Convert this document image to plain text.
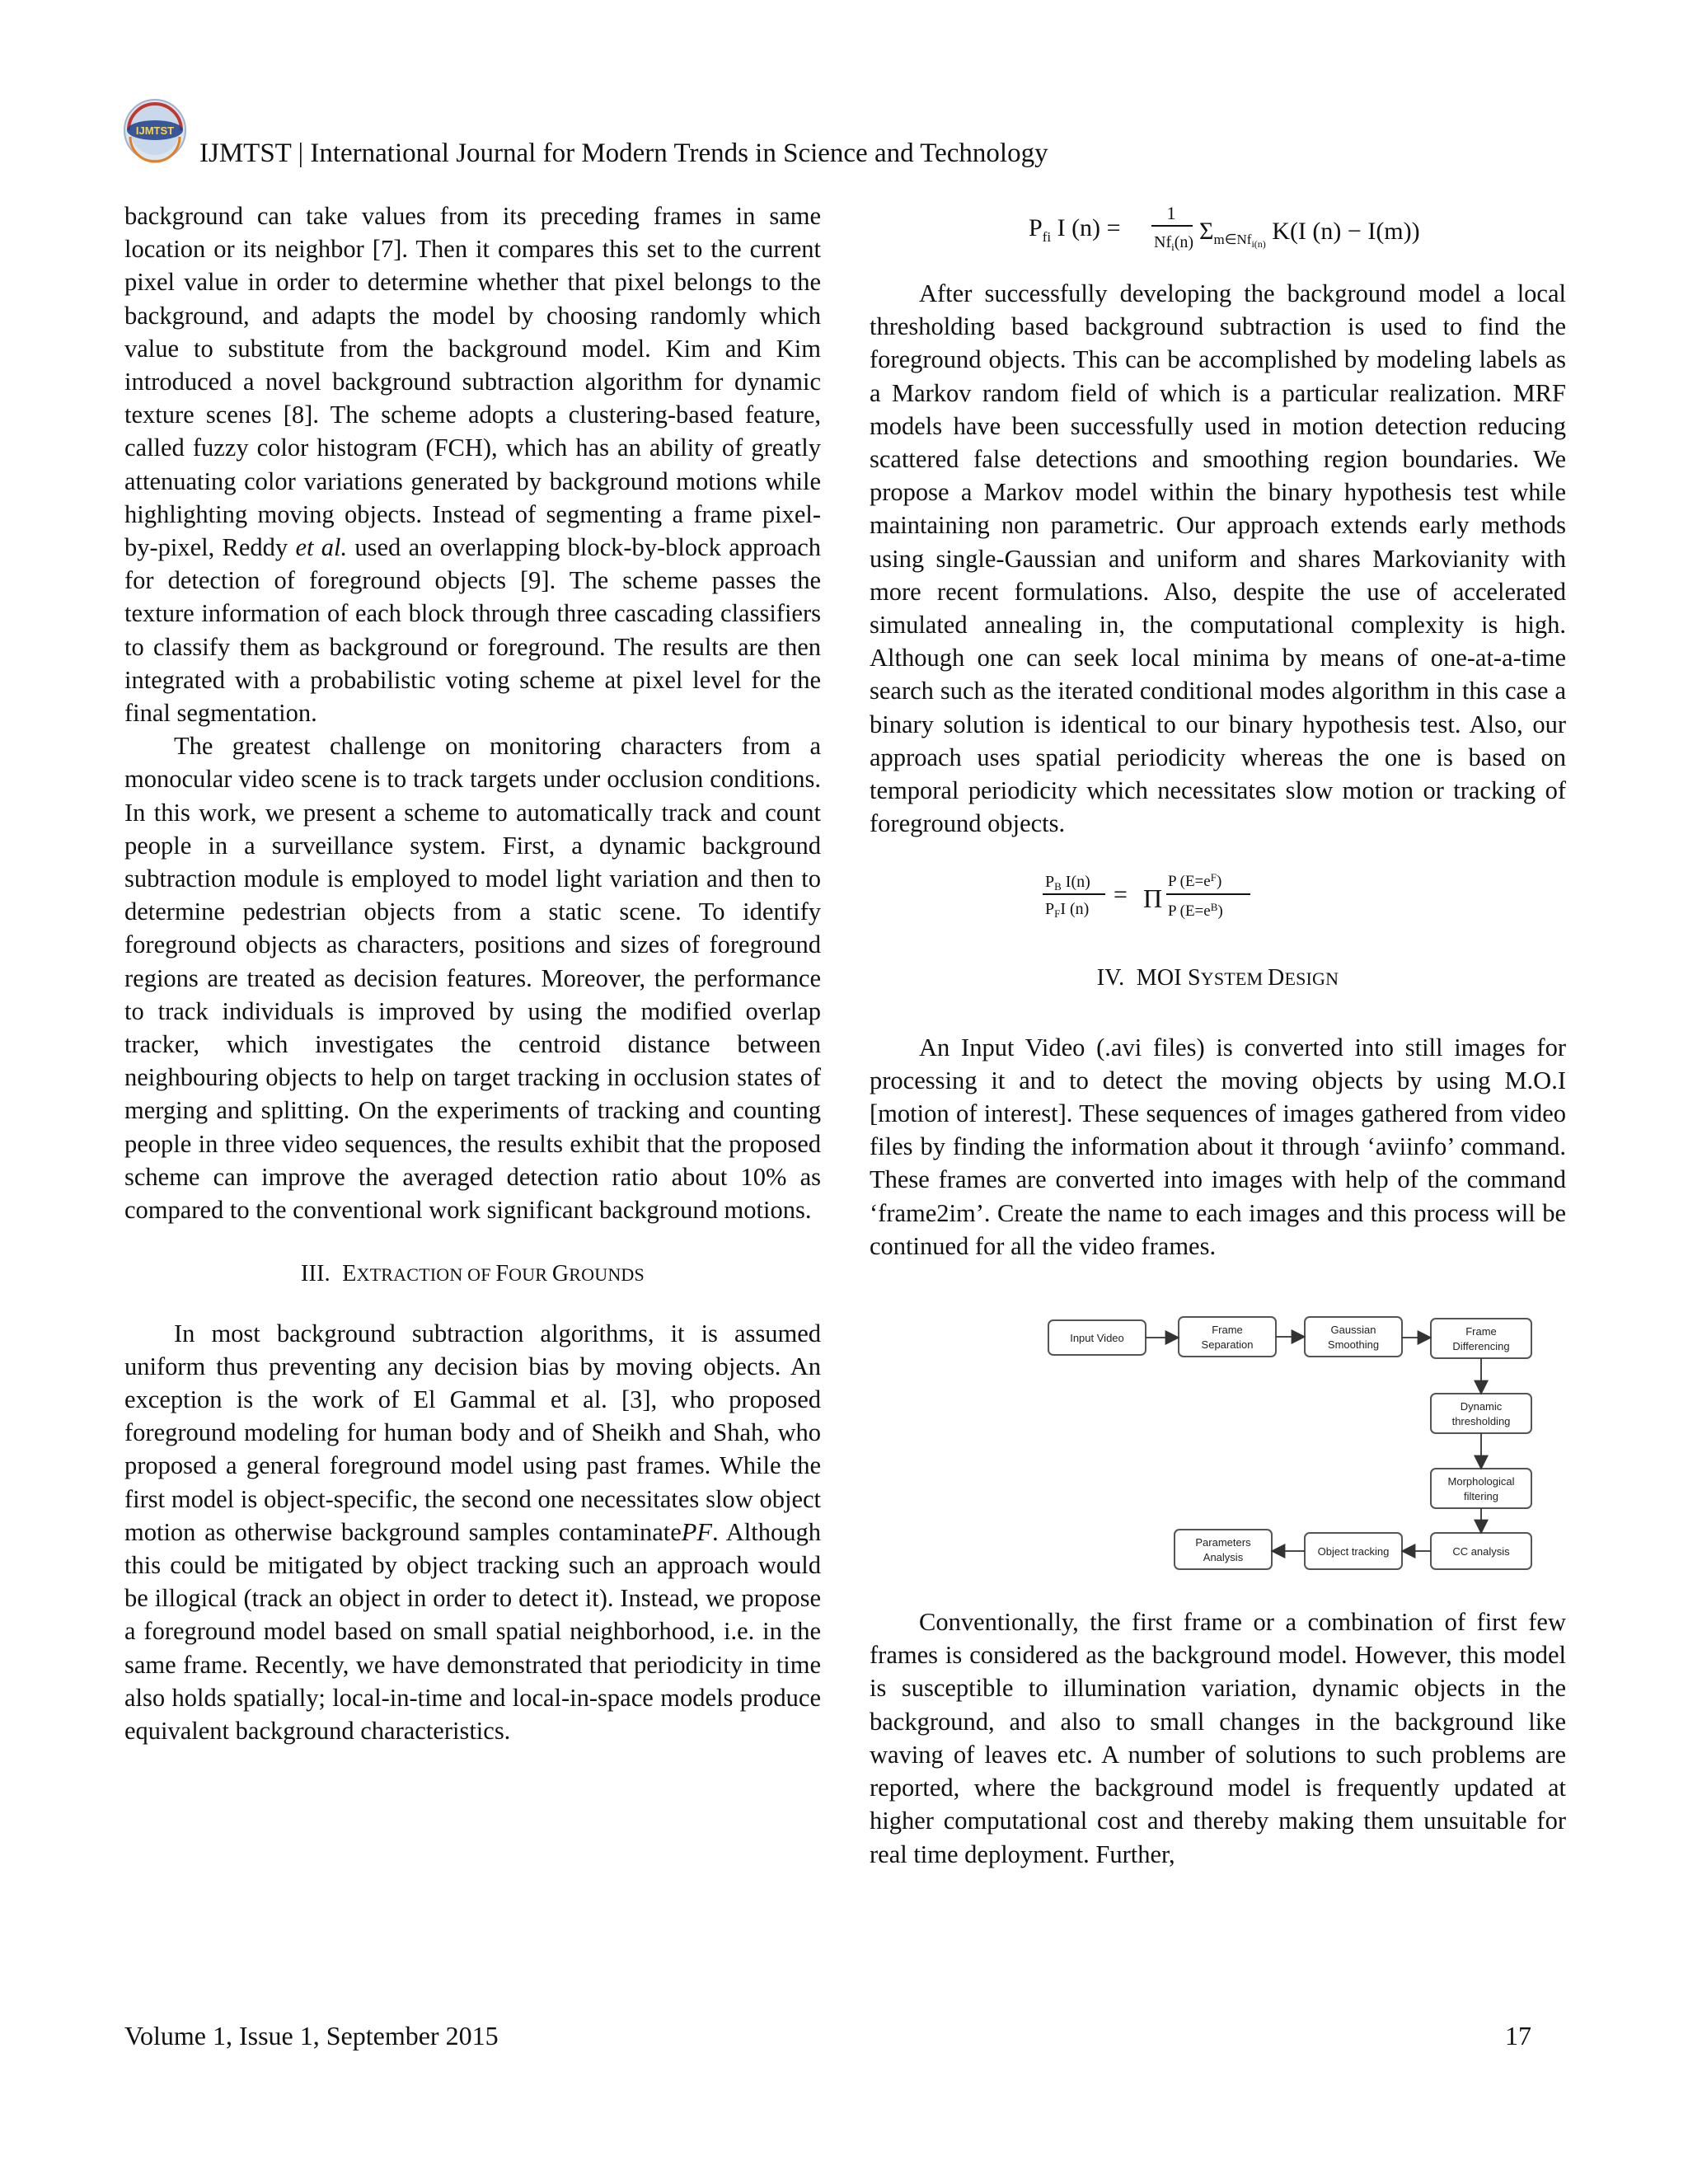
IJMTST
IJMTST | International Journal for Modern Trends in Science and Technology

background can take values from its preceding frames in same location or its neighbor [7]. Then it compares this set to the current pixel value in order to determine whether that pixel belongs to the background, and adapts the model by choosing randomly which value to substitute from the background model. Kim and Kim introduced a novel background subtraction algorithm for dynamic texture scenes [8]. The scheme adopts a clustering-based feature, called fuzzy color histogram (FCH), which has an ability of greatly attenuating color variations generated by background motions while highlighting moving objects. Instead of segmenting a frame pixel-by-pixel, Reddy et al. used an overlapping block-by-block approach for detection of foreground objects [9]. The scheme passes the texture information of each block through three cascading classifiers to classify them as background or foreground. The results are then integrated with a probabilistic voting scheme at pixel level for the final segmentation.

The greatest challenge on monitoring characters from a monocular video scene is to track targets under occlusion conditions. In this work, we present a scheme to automatically track and count people in a surveillance system. First, a dynamic background subtraction module is employed to model light variation and then to determine pedestrian objects from a static scene. To identify foreground objects as characters, positions and sizes of foreground regions are treated as decision features. Moreover, the performance to track individuals is improved by using the modified overlap tracker, which investigates the centroid distance between neighbouring objects to help on target tracking in occlusion states of merging and splitting. On the experiments of tracking and counting people in three video sequences, the results exhibit that the proposed scheme can improve the averaged detection ratio about 10% as compared to the conventional work significant background motions.

III. EXTRACTION OF FOUR GROUNDS

In most background subtraction algorithms, it is assumed uniform thus preventing any decision bias by moving objects. An exception is the work of El Gammal et al. [3], who proposed foreground modeling for human body and of Sheikh and Shah, who proposed a general foreground model using past frames. While the first model is object-specific, the second one necessitates slow object motion as otherwise background samples contaminatePF. Although this could be mitigated by object tracking such an approach would be illogical (track an object in order to detect it). Instead, we propose a foreground model based on small spatial neighborhood, i.e. in the same frame. Recently, we have demonstrated that periodicity in time also holds spatially; local-in-time and local-in-space models produce equivalent background characteristics.

$P_{fi}$ I (n) =
1
$Nf_i(n)$ $\Sigma_{m\in Nf}i(n)$ K(I (n) − I(m))

After successfully developing the background model a local thresholding based background subtraction is used to find the foreground objects. This can be accomplished by modeling labels as a Markov random field of which is a particular realization. MRF models have been successfully used in motion detection reducing scattered false detections and smoothing region boundaries. We propose a Markov model within the binary hypothesis test while maintaining non parametric. Our approach extends early methods using single-Gaussian and uniform and shares Markovianity with more recent formulations. Also, despite the use of accelerated simulated annealing in, the computational complexity is high. Although one can seek local minima by means of one-at-a-time search such as the iterated conditional modes algorithm in this case a binary solution is identical to our binary hypothesis test. Also, our approach uses spatial periodicity whereas the one is based on temporal periodicity which necessitates slow motion or tracking of foreground objects.

$P_B$ I(n)
$P_FI$ (n)
= Π
P $(E=e^F)$
P $(E=e^B)$
IV. MOI SYSTEM DESIGN

An Input Video (.avi files) is converted into still images for processing it and to detect the moving objects by using M.O.I [motion of interest]. These sequences of images gathered from video files by finding the information about it through ‘aviinfo’ command. These frames are converted into images with help of the command ‘frame2im’. Create the name to each images and this process will be continued for all the video frames.

Input Video
Frame
Separation
Gaussian
Smoothing
Frame
Differencing
Dynamic
thresholding
Morphological
filtering
CC analysis
Object tracking
Parameters
Analysis

Conventionally, the first frame or a combination of first few frames is considered as the background model. However, this model is susceptible to illumination variation, dynamic objects in the background, and also to small changes in the background like waving of leaves etc. A number of solutions to such problems are reported, where the background model is frequently updated at higher computational cost and thereby making them unsuitable for real time deployment. Further,

Volume 1, Issue 1, September 2015	17
